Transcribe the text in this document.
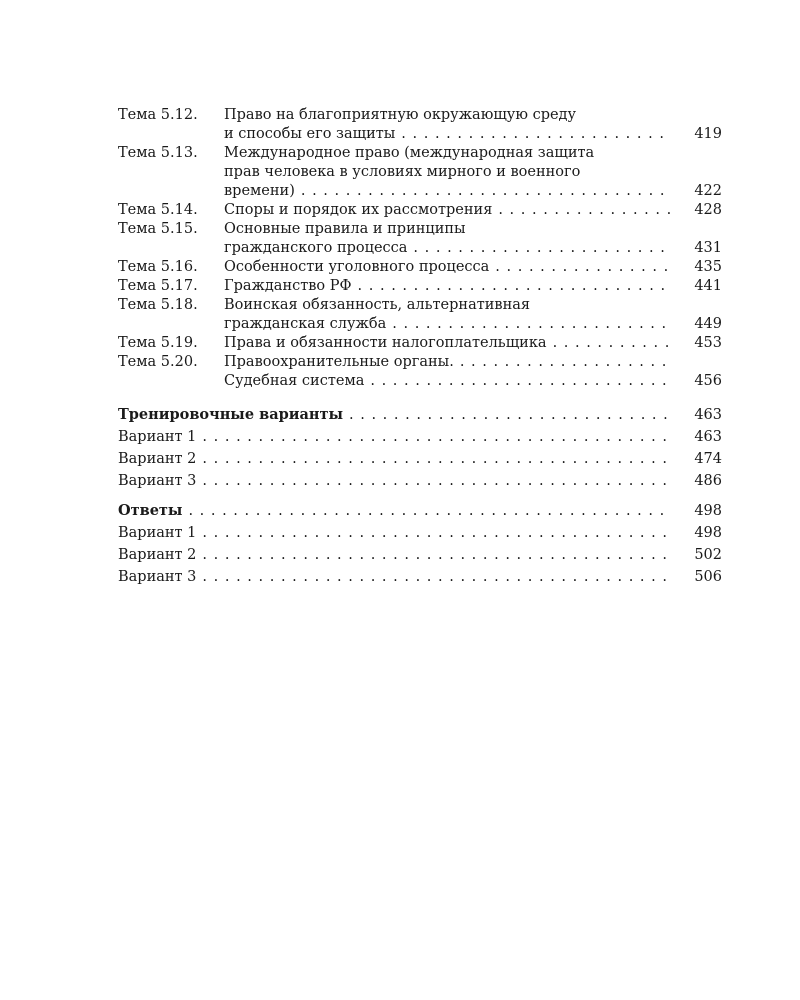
Тема 5.12.	Право на благоприятную окружающую среду
и способы его защиты . . .	419
Тема 5.13.	Международное право (международная защита
прав человека в условиях мирного и военного
времени) . . .	422
Тема 5.14.	Споры и порядок их рассмотрения . . .	428
Тема 5.15.	Основные правила и принципы
гражданского процесса . . .	431
Тема 5.16.	Особенности уголовного процесса . . .	435
Тема 5.17.	Гражданство РФ . . .	441
Тема 5.18.	Воинская обязанность, альтернативная
гражданская служба . . .	449
Тема 5.19.	Права и обязанности налогоплательщика . . .	453
Тема 5.20.	Правоохранительные органы.
. . .
Судебная система . . .	456
Тренировочные варианты . . .	463
Вариант 1 . . .	463
Вариант 2 . . .	474
Вариант 3 . . .	486
Ответы . . .	498
Вариант 1 . . .	498
Вариант 2 . . .	502
Вариант 3 . . .	506
